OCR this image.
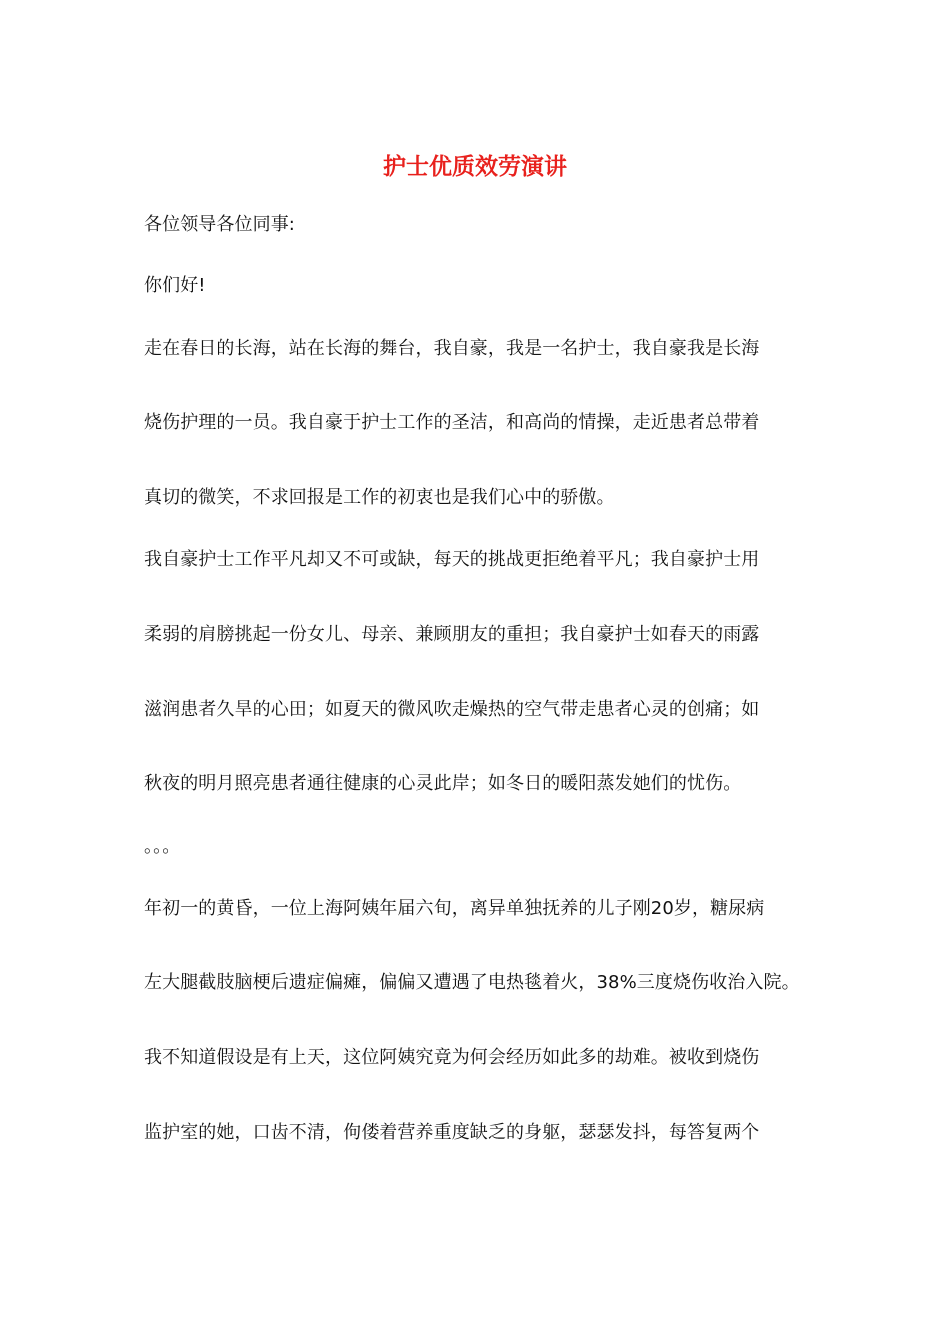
护士优质效劳演讲

各位领导各位同事:

你们好!

走在春日的长海，站在长海的舞台，我自豪，我是一名护士，我自豪我是长海

烧伤护理的一员。我自豪于护士工作的圣洁，和高尚的情操，走近患者总带着

真切的微笑，不求回报是工作的初衷也是我们心中的骄傲。

我自豪护士工作平凡却又不可或缺，每天的挑战更拒绝着平凡；我自豪护士用

柔弱的肩膀挑起一份女儿、母亲、兼顾朋友的重担；我自豪护士如春天的雨露

滋润患者久旱的心田；如夏天的微风吹走燥热的空气带走患者心灵的创痛；如

秋夜的明月照亮患者通往健康的心灵此岸；如冬日的暖阳蒸发她们的忧伤。

。。。

年初一的黄昏，一位上海阿姨年届六旬，离异单独抚养的儿子刚20岁，糖尿病

左大腿截肢脑梗后遗症偏瘫，偏偏又遭遇了电热毯着火，38%三度烧伤收治入院。

我不知道假设是有上天，这位阿姨究竟为何会经历如此多的劫难。被收到烧伤

监护室的她，口齿不清，佝偻着营养重度缺乏的身躯，瑟瑟发抖，每答复两个
